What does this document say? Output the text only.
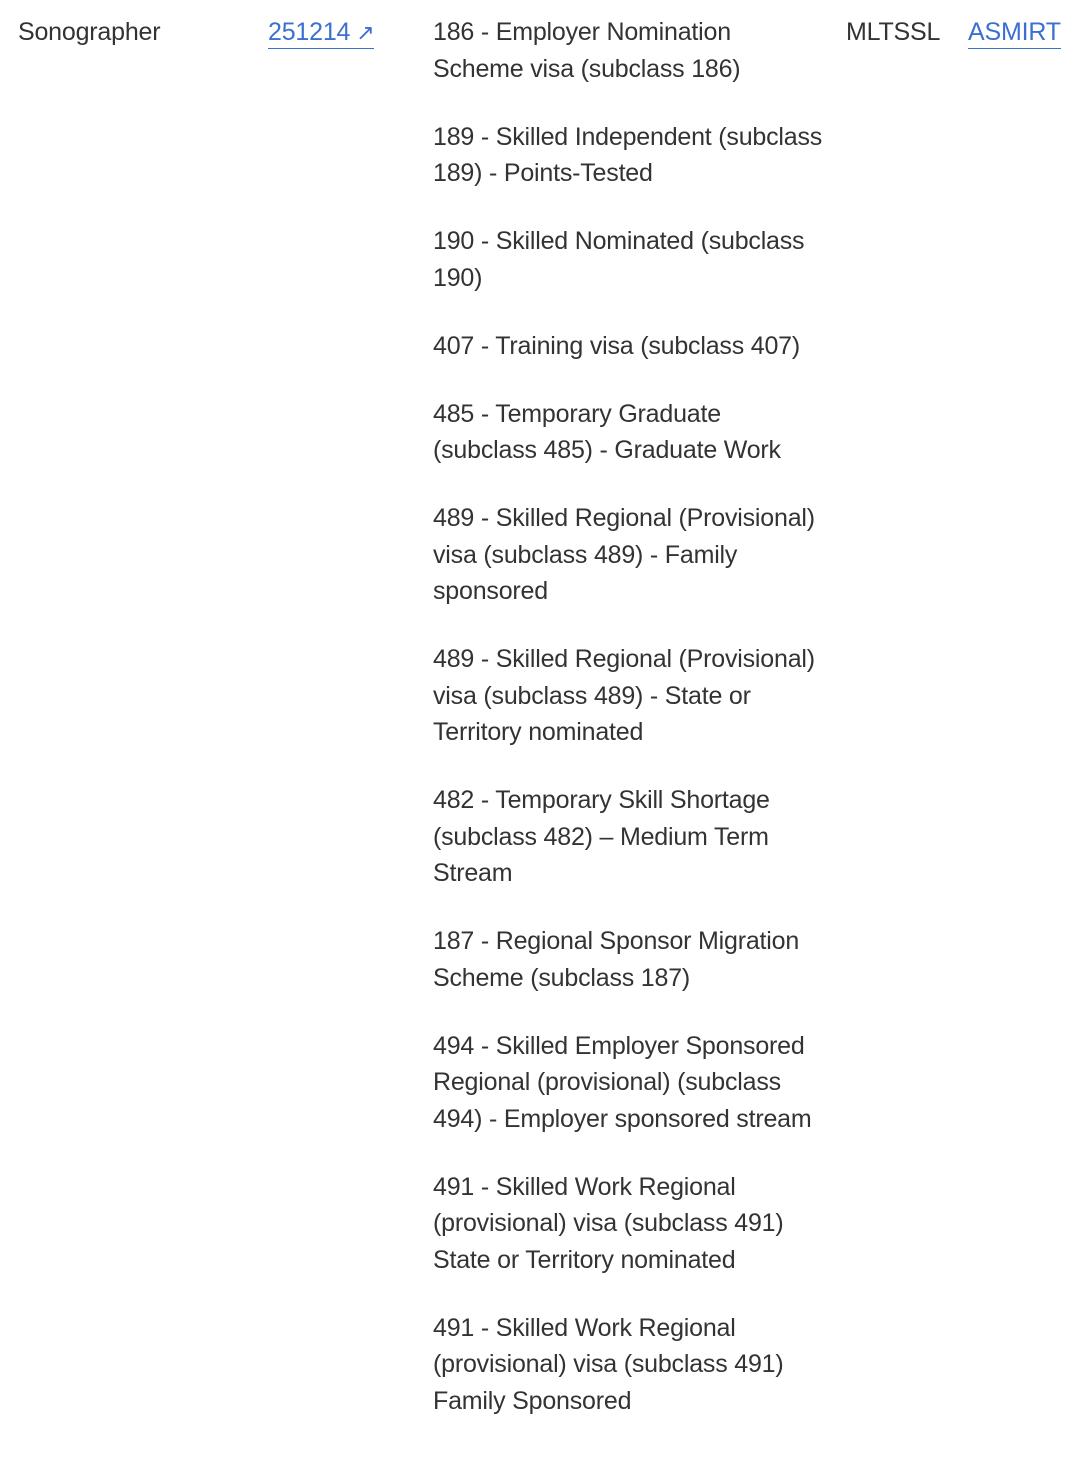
Sonographer	251214 ↗ 186 - Employer Nomination Scheme visa (subclass 186)
189 - Skilled Independent (subclass 189) - Points-Tested
190 - Skilled Nominated (subclass 190)
407 - Training visa (subclass 407)
485 - Temporary Graduate (subclass 485) - Graduate Work
489 - Skilled Regional (Provisional) visa (subclass 489) - Family sponsored
489 - Skilled Regional (Provisional) visa (subclass 489) - State or Territory nominated
482 - Temporary Skill Shortage (subclass 482) – Medium Term Stream
187 - Regional Sponsor Migration Scheme (subclass 187)
494 - Skilled Employer Sponsored Regional (provisional) (subclass 494) - Employer sponsored stream
491 - Skilled Work Regional (provisional) visa (subclass 491) State or Territory nominated
491 - Skilled Work Regional (provisional) visa (subclass 491) Family Sponsored
MLTSSL ASMIRT
